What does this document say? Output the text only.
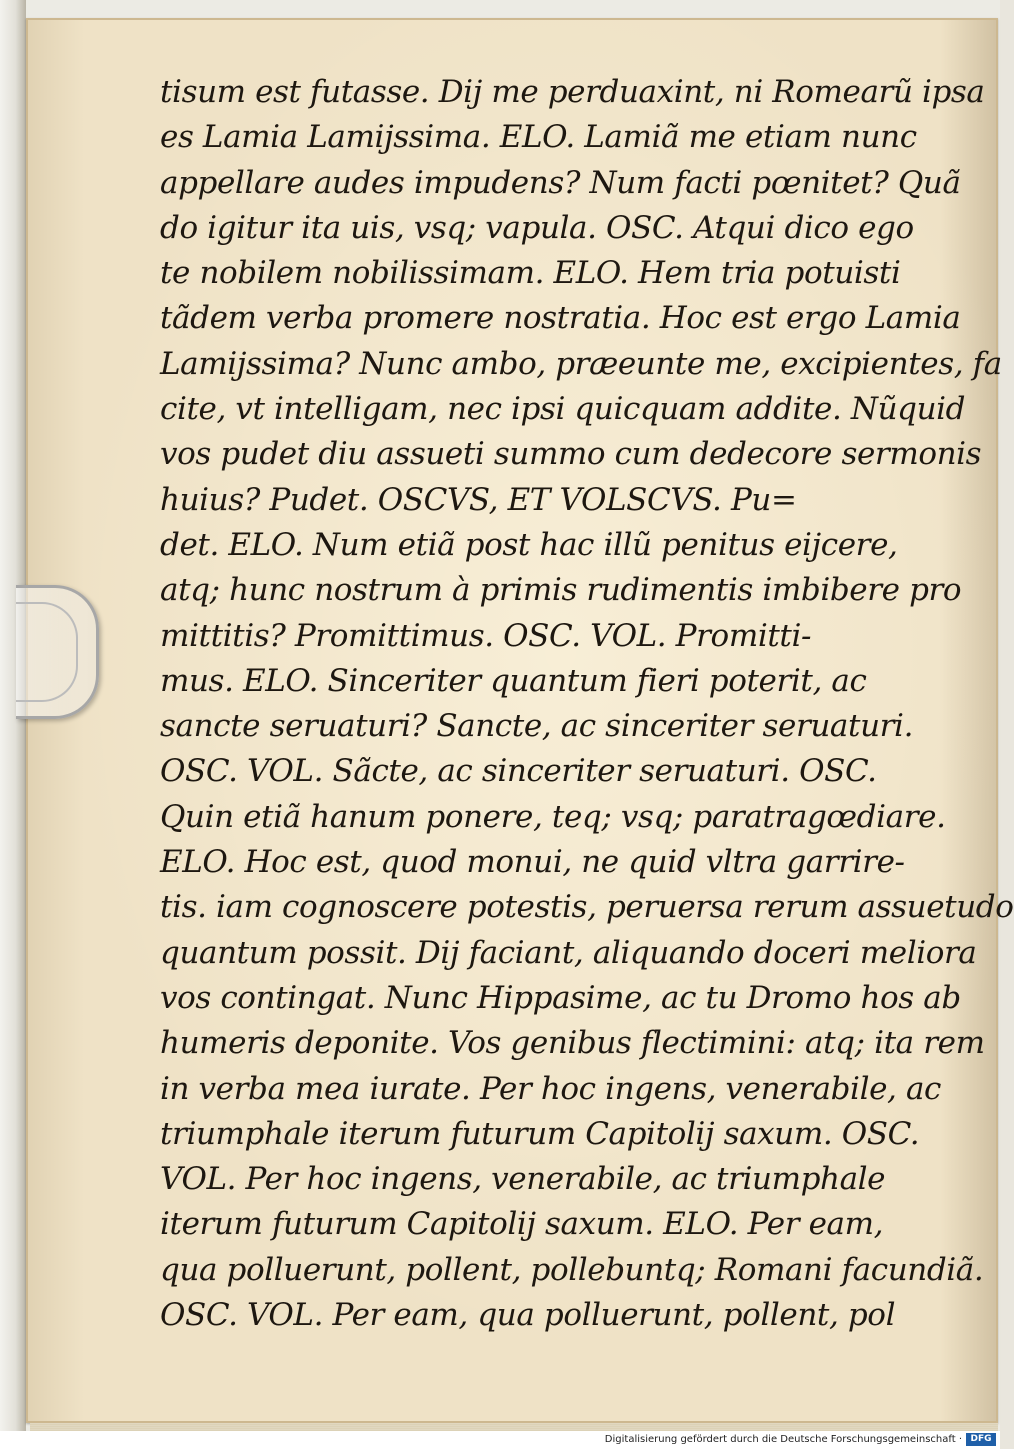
tisum est futasse. Dij me perduaxint, ni Romearũ ipsa
es Lamia Lamijssima. ELO. Lamiã me etiam nunc
appellare audes impudens? Num facti pœnitet? Quã
do igitur ita uis, vsq; vapula. OSC. Atqui dico ego
te nobilem nobilissimam. ELO. Hem tria potuisti
tãdem verba promere nostratia. Hoc est ergo Lamia
Lamijssima? Nunc ambo, præeunte me, excipientes, fa
cite, vt intelligam, nec ipsi quicquam addite. Nũquid
vos pudet diu assueti summo cum dedecore sermonis
huius? Pudet. OSCVS, ET VOLSCVS. Pu=
det. ELO. Num etiã post hac illũ penitus eijcere,
atq; hunc nostrum à primis rudimentis imbibere pro
mittitis? Promittimus. OSC. VOL. Promitti-
mus. ELO. Sinceriter quantum fieri poterit, ac
sancte seruaturi? Sancte, ac sinceriter seruaturi.
OSC. VOL. Sãcte, ac sinceriter seruaturi. OSC.
Quin etiã hanum ponere, teq; vsq; paratragœdiare.
ELO. Hoc est, quod monui, ne quid vltra garrire-
tis. iam cognoscere potestis, peruersa rerum assuetudo
quantum possit. Dij faciant, aliquando doceri meliora
vos contingat. Nunc Hippasime, ac tu Dromo hos ab
humeris deponite. Vos genibus flectimini: atq; ita rem
in verba mea iurate. Per hoc ingens, venerabile, ac
triumphale iterum futurum Capitolij saxum. OSC.
VOL. Per hoc ingens, venerabile, ac triumphale
iterum futurum Capitolij saxum. ELO. Per eam,
qua polluerunt, pollent, pollebuntq; Romani facundiã.
OSC. VOL. Per eam, qua polluerunt, pollent, pol
Digitalisierung gefördert durch die Deutsche Forschungsgemeinschaft · DFG
